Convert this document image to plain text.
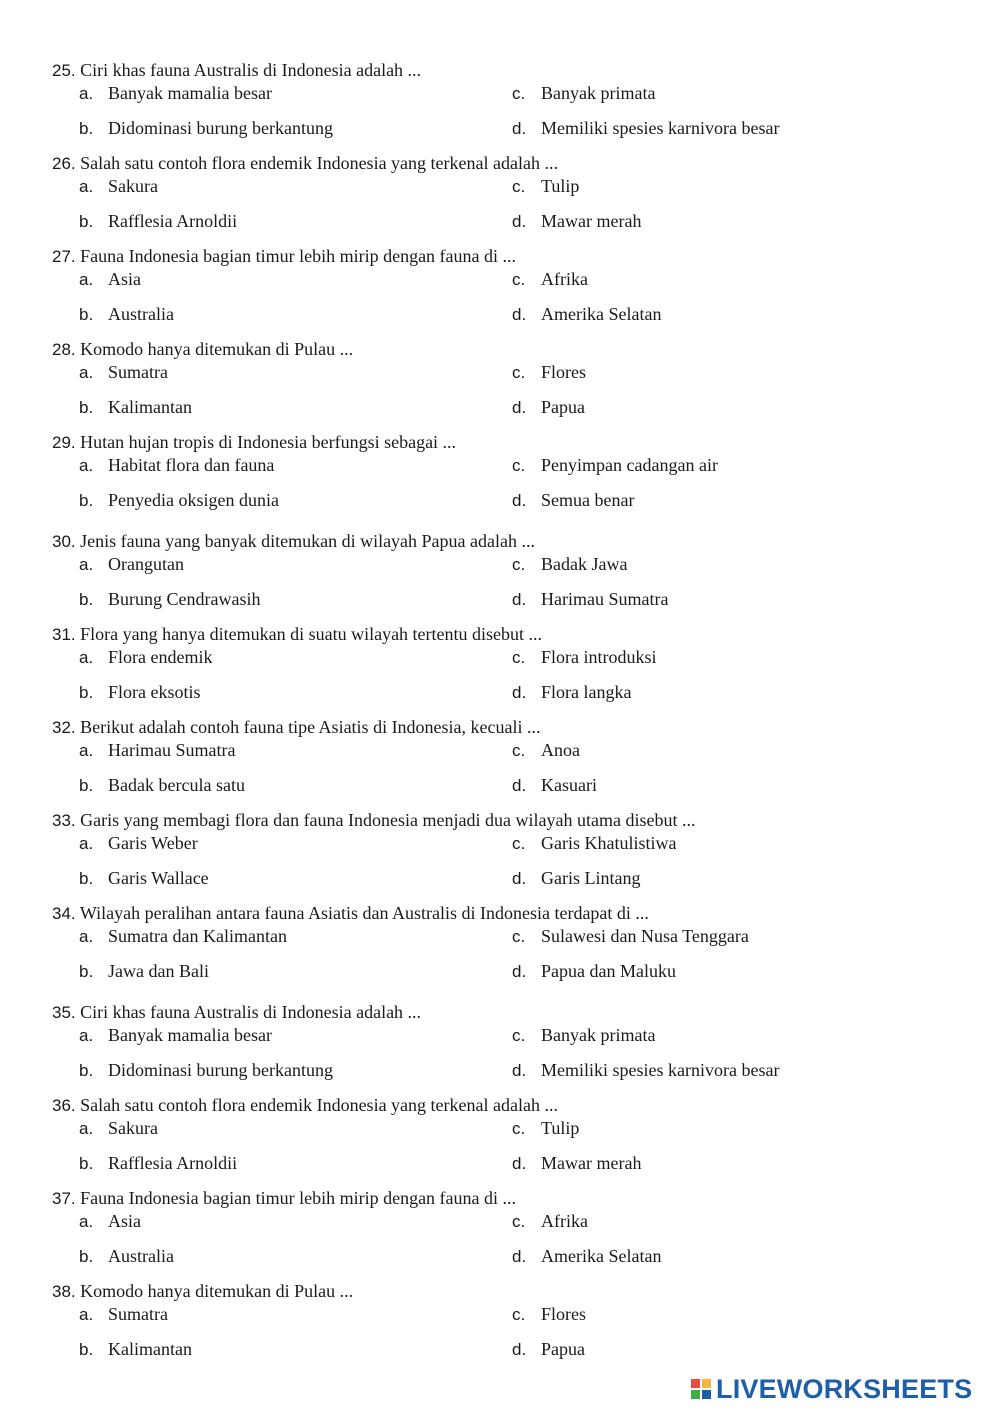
25. Ciri khas fauna Australis di Indonesia adalah ...
a. Banyak mamalia besar
b. Didominasi burung berkantung
c. Banyak primata
d. Memiliki spesies karnivora besar
26. Salah satu contoh flora endemik Indonesia yang terkenal adalah ...
a. Sakura
b. Rafflesia Arnoldii
c. Tulip
d. Mawar merah
27. Fauna Indonesia bagian timur lebih mirip dengan fauna di ...
a. Asia
b. Australia
c. Afrika
d. Amerika Selatan
28. Komodo hanya ditemukan di Pulau ...
a. Sumatra
b. Kalimantan
c. Flores
d. Papua
29. Hutan hujan tropis di Indonesia berfungsi sebagai ...
a. Habitat flora dan fauna
b. Penyedia oksigen dunia
c. Penyimpan cadangan air
d. Semua benar
30. Jenis fauna yang banyak ditemukan di wilayah Papua adalah ...
a. Orangutan
b. Burung Cendrawasih
c. Badak Jawa
d. Harimau Sumatra
31. Flora yang hanya ditemukan di suatu wilayah tertentu disebut ...
a. Flora endemik
b. Flora eksotis
c. Flora introduksi
d. Flora langka
32. Berikut adalah contoh fauna tipe Asiatis di Indonesia, kecuali ...
a. Harimau Sumatra
b. Badak bercula satu
c. Anoa
d. Kasuari
33. Garis yang membagi flora dan fauna Indonesia menjadi dua wilayah utama disebut ...
a. Garis Weber
b. Garis Wallace
c. Garis Khatulistiwa
d. Garis Lintang
34. Wilayah peralihan antara fauna Asiatis dan Australis di Indonesia terdapat di ...
a. Sumatra dan Kalimantan
b. Jawa dan Bali
c. Sulawesi dan Nusa Tenggara
d. Papua dan Maluku
35. Ciri khas fauna Australis di Indonesia adalah ...
a. Banyak mamalia besar
b. Didominasi burung berkantung
c. Banyak primata
d. Memiliki spesies karnivora besar
36. Salah satu contoh flora endemik Indonesia yang terkenal adalah ...
a. Sakura
b. Rafflesia Arnoldii
c. Tulip
d. Mawar merah
37. Fauna Indonesia bagian timur lebih mirip dengan fauna di ...
a. Asia
b. Australia
c. Afrika
d. Amerika Selatan
38. Komodo hanya ditemukan di Pulau ...
a. Sumatra
b. Kalimantan
c. Flores
d. Papua
LIVEWORKSHEETS
